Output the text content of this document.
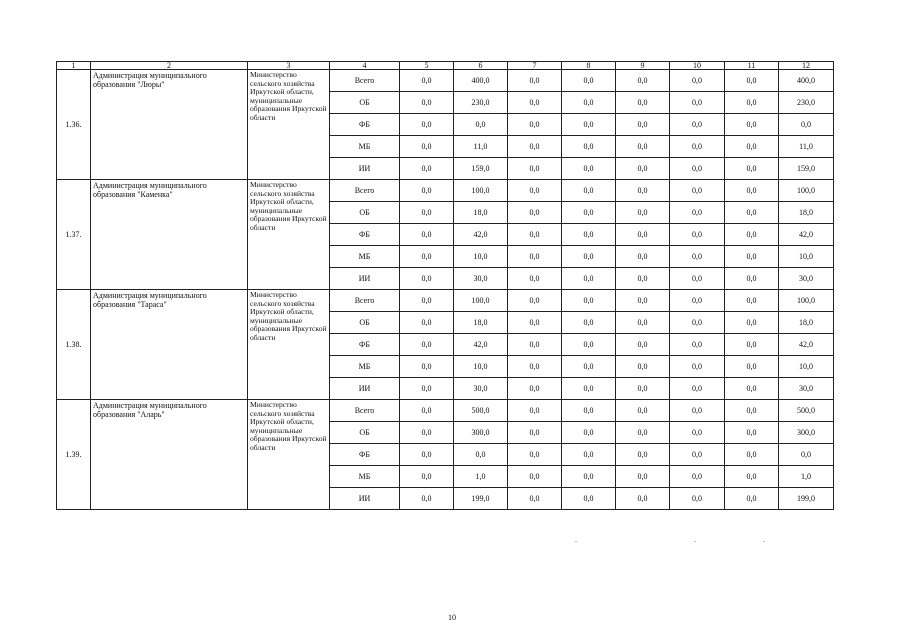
1	2	3	4	5	6	7	8	9	10	11	12
1.36.	Администрация муниципального образования "Люры"	Министерство сельского хозяйства Иркутской области, муниципальные образования Иркутской области	Всего	0,0	400,0	0,0	0,0	0,0	0,0	0,0	400,0
			ОБ	0,0	230,0	0,0	0,0	0,0	0,0	0,0	230,0
			ФБ	0,0	0,0	0,0	0,0	0,0	0,0	0,0	0,0
			МБ	0,0	11,0	0,0	0,0	0,0	0,0	0,0	11,0
			ИИ	0,0	159,0	0,0	0,0	0,0	0,0	0,0	159,0
1.37.	Администрация муниципального образования "Каменка"	Министерство сельского хозяйства Иркутской области, муниципальные образования Иркутской области	Всего	0,0	100,0	0,0	0,0	0,0	0,0	0,0	100,0
			ОБ	0,0	18,0	0,0	0,0	0,0	0,0	0,0	18,0
			ФБ	0,0	42,0	0,0	0,0	0,0	0,0	0,0	42,0
			МБ	0,0	10,0	0,0	0,0	0,0	0,0	0,0	10,0
			ИИ	0,0	30,0	0,0	0,0	0,0	0,0	0,0	30,0
1.38.	Администрация муниципального образования "Тараса"	Министерство сельского хозяйства Иркутской области, муниципальные образования Иркутской области	Всего	0,0	100,0	0,0	0,0	0,0	0,0	0,0	100,0
			ОБ	0,0	18,0	0,0	0,0	0,0	0,0	0,0	18,0
			ФБ	0,0	42,0	0,0	0,0	0,0	0,0	0,0	42,0
			МБ	0,0	10,0	0,0	0,0	0,0	0,0	0,0	10,0
			ИИ	0,0	30,0	0,0	0,0	0,0	0,0	0,0	30,0
1.39.	Администрация муниципального образования "Аларь"	Министерство сельского хозяйства Иркутской области, муниципальные образования Иркутской области	Всего	0,0	500,0	0,0	0,0	0,0	0,0	0,0	500,0
			ОБ	0,0	300,0	0,0	0,0	0,0	0,0	0,0	300,0
			ФБ	0,0	0,0	0,0	0,0	0,0	0,0	0,0	0,0
			МБ	0,0	1,0	0,0	0,0	0,0	0,0	0,0	1,0
			ИИ	0,0	199,0	0,0	0,0	0,0	0,0	0,0	199,0
10
